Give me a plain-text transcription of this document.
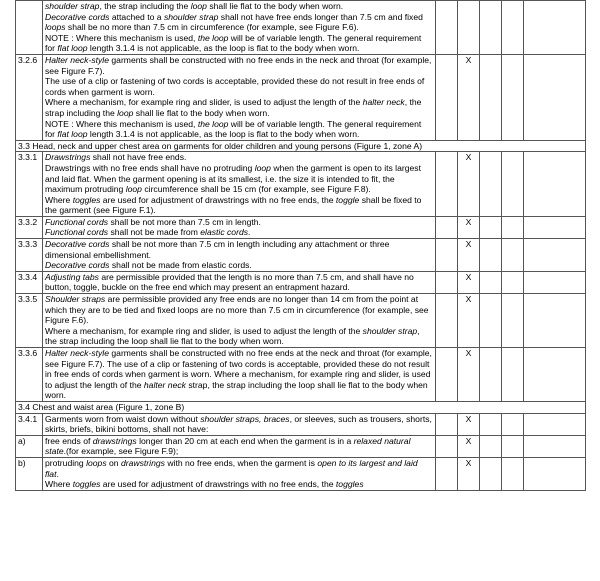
	shoulder strap, the strap including the loop shall lie flat to the body when worn.

Decorative cords attached to a shoulder strap shall not have free ends longer than 7.5 cm and fixed loops shall be no more than 7.5 cm in circumference (for example, see Figure F.6).

NOTE : Where this mechanism is used, the loop will be of variable length. The general requirement for flat loop length 3.1.4 is not applicable, as the loop is flat to the body when worn.					

3.2.6	Halter neck-style garments shall be constructed with no free ends in the neck and throat (for example, see Figure F.7).

The use of a clip or fastening of two cords is acceptable, provided these do not result in free ends of cords when garment is worn.

Where a mechanism, for example ring and slider, is used to adjust the length of the halter neck, the strap including the loop shall lie flat to the body when worn.

NOTE : Where this mechanism is used, the loop will be of variable length. The general requirement for flat loop length 3.1.4 is not applicable, as the loop is flat to the body when worn.		X			
3.3 Head, neck and upper chest area on garments for older children and young persons (Figure 1, zone A)						
3.3.1	Drawstrings shall not have free ends.

Drawstrings with no free ends shall have no protruding loop when the garment is open to its largest and laid flat. When the garment opening is at its smallest, i.e. the size it is intended to fit, the maximum protruding loop circumference shall be 15 cm (for example, see Figure F.8).

Where toggles are used for adjustment of drawstrings with no free ends, the toggle shall be fixed to the garment (see Figure F.1).		X			
3.3.2	Functional cords shall be not more than 7.5 cm in length.

Functional cords shall not be made from elastic cords.		X			
3.3.3	Decorative cords shall be not more than 7.5 cm in length including any attachment or three dimensional embellishment.

Decorative cords shall not be made from elastic cords.		X			
3.3.4	Adjusting tabs are permissible provided that the length is no more than 7.5 cm, and shall have no button, toggle, buckle on the free end which may present an entrapment hazard.		X			
3.3.5	Shoulder straps are permissible provided any free ends are no longer than 14 cm from the point at which they are to be tied and fixed loops are no more than 7.5 cm in circumference (for example, see Figure F.6).

Where a mechanism, for example ring and slider, is used to adjust the length of the shoulder strap, the strap including the loop shall lie flat to the body when worn.		X			
3.3.6	Halter neck-style garments shall be constructed with no free ends at the neck and throat (for example, see Figure F.7). The use of a clip or fastening of two cords is acceptable, provided these do not result in free ends of cords when garment is worn. Where a mechanism, for example ring and slider, is used to adjust the length of the halter neck strap, the strap including the loop shall lie flat to the body when worn.		X			
3.4 Chest and waist area (Figure 1, zone B)						
3.4.1	Garments worn from waist down without shoulder straps, braces, or sleeves, such as trousers, shorts, skirts, briefs, bikini bottoms, shall not have:		X			
a)	free ends of drawstrings longer than 20 cm at each end when the garment is in a relaxed natural state.(for example, see Figure F.9);		X			
b)	protruding loops on drawstrings with no free ends, when the garment is open to its largest and laid flat.

Where toggles are used for adjustment of drawstrings with no free ends, the toggles		X			
